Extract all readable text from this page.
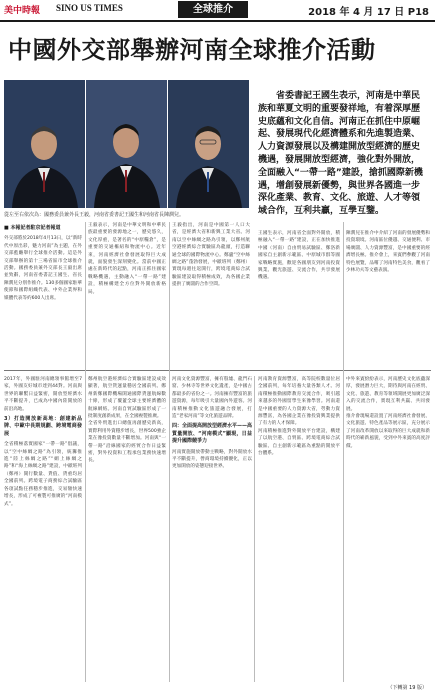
美中時報 SINO US TIMES	全球推介	2018 年 4 月 17 日 P18
中國外交部舉辦河南全球推介活動
從左至右依次為：國務委員兼外長王毅，河南省委書記王國生和河南省長陳潤兒。
省委書記王國生表示，河南是中華民族和華夏文明的重要發祥地，有着深厚歷史底蘊和文化自信。河南正在抓住中原崛起、發展現代化經濟體系和先進製造業、人力資源發展以及構建開放型經濟的歷史機遇，發展開放型經濟，強化對外開放，全面融入“一帶一路”建設，搶抓國際新機遇，增創發展新優勢，與世界各國進一步深化產業、教育、文化、旅遊、人才等領域合作，互利共贏，互學互鑒。
■ 本報記者駐京記者報道
外交部將於2018年4月13日，以“新時代中原出彩，魅力河南”為主題，在外交部藍廳舉行全球推介活動。這是外交部舉辦的第十三場省區市全球推介活動。國務委員兼外交部長王毅出席並致辭，河南省委書記王國生、省長陳潤兒分別作推介。130多個國家駐華使節和國際組織代表、中外企業界和媒體代表等約600人出席。
王毅表示，河南是中華文明和中華民族最重要的發源地之一，歷史悠久，文化厚重，是著名的“中原糧倉”，是重要的交通樞紐和物流中心。近年來，河南經濟社會發展取得巨大成就，面貌發生深刻變化。當前中國正處在新時代的起點，河南正抓住國家戰略機遇，主動融入“一帶一路”建設，積極構建全方位對外開放新格局。
王毅指出，河南是中國第一人口大省，是經濟大省和新興工業大省。河南以空中絲綢之路為引領，以鄭州航空港經濟綜合實驗區為龍頭，打造聯通全球的國際物流中心。鄭盧“空中絲綢之路”蓬勃發展，中歐班列（鄭州）實現每週往返開行，跨境電商綜合試驗區建設取得積極成效，為各國企業提供了廣闊的合作空間。
王國生表示，河南省全面對外開放，積極融入“一帶一路”建設，正在加快推進中國（河南）自由貿易試驗區、鄭洛新國家自主創新示範區、中原城市群等國家戰略實施，歡迎各國朋友到河南投資興業、觀光旅遊、交流合作，共享發展機遇。
陳潤兒在推介中介紹了河南的發展優勢和投資環境。河南區位優越、交通便利、市場廣闊、人力資源豐富，是中國重要的經濟增長極。推介會上，來賓們參觀了河南特色展覽，品嚐了河南特色美食，觀看了少林功夫等文藝表演。
2017年，外國駐河南總領事館增至7家，外國友好城市達到44對。河南與世界的聯繫日益緊密，開放型經濟水平不斷提升，已成為中國內陸開放的前沿高地。
3）打造開放新高地：創建新品牌、中歐中長期規劃、跨境電商發展
全省積極落實國家“一帶一路”倡議，以“空中絲綢之路”為引領，統籌推進“陸上絲綢之路”“網上絲綢之路”和“海上絲綢之路”建設，中歐班列（鄭州）開行數量、貨值、貨重均居全國前列。跨境電子商務綜合試驗區各項試點任務穩步推進，交易額快速增長，形成了可複製可推廣的“河南模式”。
鄭州航空港經濟綜合實驗區建設成效顯著，航空貨運量穩居全國前列。鄭州新鄭國際機場開通國際貨運航線數十條，形成了覆蓋全球主要經濟體的航線網絡。河南自貿試驗區形成了一批制度創新成果，在全國複製推廣。
全省外貿進出口總值再創歷史新高，實際利用外資穩步增長，世界500強企業在豫投資數量不斷增加。河南與“一帶一路”沿線國家的經貿合作日益緊密，對外投資和工程承包業務快速增長。
河南文化資源豐富，擁有殷墟、龍門石窟、少林寺等世界文化遺產，是中國古都最多的省份之一。河南擁有豐富的旅遊資源，每年吸引大量國內外遊客。河南積極推動文化旅遊融合發展，打造“老家河南”等文化旅遊品牌。
四：全面提高開放型經濟水平——高質量開放、“河南模式”顯現，日益提升國際競爭力
河南實施開放帶動主戰略，對外開放水平不斷提升，營商環境持續優化，正以更加開放的姿態迎接世界。
河南教育資源豐富，高等院校數量位居全國前列，每年培養大量各類人才。河南積極推動國際教育交流合作，吸引越來越多的外國留學生來豫學習。河南還是中國重要的人力資源大省，勞動力資源豐富，為各國企業在豫投資興業提供了有力的人才保障。
河南積極推進對外開放平台建設，構建了以航空港、自貿區、跨境電商綜合試驗區、自主創新示範區為重點的開放平台體系。
中外來賓紛紛表示，河南歷史文化底蘊深厚，發展潛力巨大，期待與河南在經貿、文化、旅遊、教育等領域開展更加廣泛深入的交流合作，實現互利共贏、共同發展。
推介會現場還設置了河南經濟社會發展、文化旅遊、特色產品等展示區，充分展示了河南改革開放以來取得的巨大成就和新時代的嶄新風貌，受到中外來賓的高度評價。
（下轉第 19 版）
